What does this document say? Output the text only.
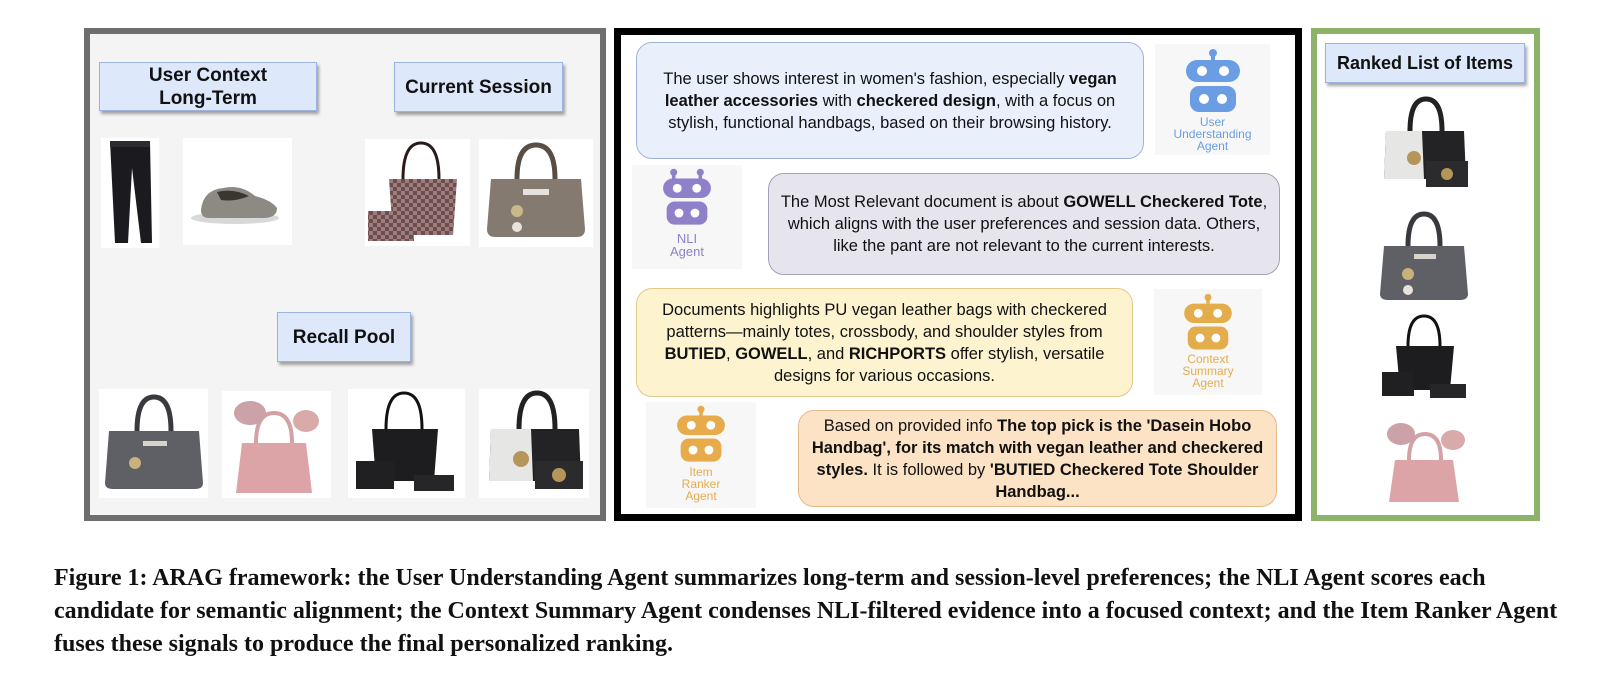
User Context
Long-Term
Current Session
Recall Pool
The user shows interest in women's fashion, especially vegan leather accessories with checkered design, with a focus on stylish, functional handbags, based on their browsing history.
The Most Relevant document is about GOWELL Checkered Tote, which aligns with the user preferences and session data. Others, like the pant are not relevant to the current interests.
Documents highlights PU vegan leather bags with checkered patterns—mainly totes, crossbody, and shoulder styles from BUTIED, GOWELL, and RICHPORTS offer stylish, versatile designs for various occasions.
Based on provided info The top pick is the 'Dasein Hobo Handbag', for its match with vegan leather and checkered styles. It is followed by 'BUTIED Checkered Tote Shoulder Handbag...
User
Understanding
Agent
NLI
Agent
Context
Summary
Agent
Item
Ranker
Agent
Ranked List of Items
Figure 1: ARAG framework: the User Understanding Agent summarizes long-term and session-level preferences; the NLI Agent scores each candidate for semantic alignment; the Context Summary Agent condenses NLI-filtered evidence into a focused context; and the Item Ranker Agent fuses these signals to produce the final personalized ranking.
